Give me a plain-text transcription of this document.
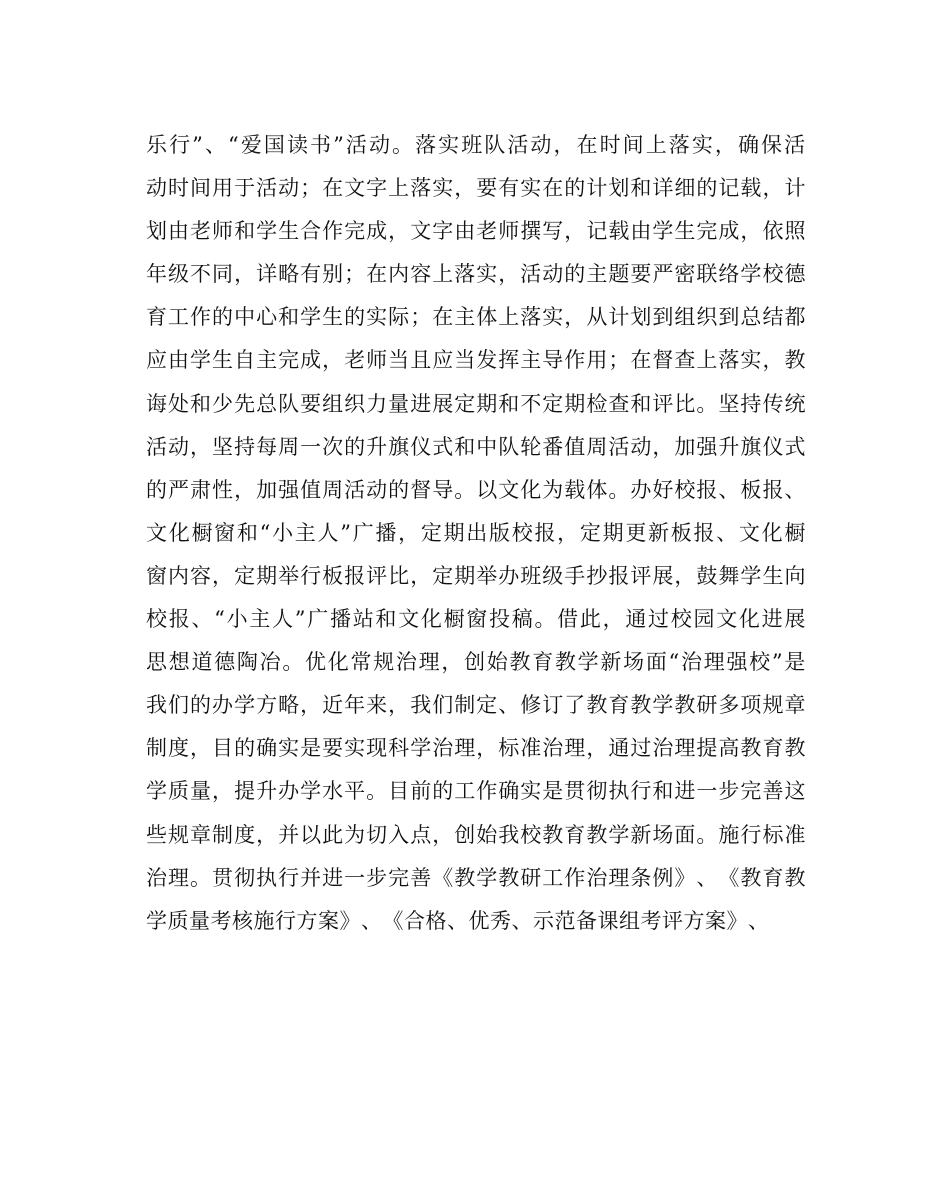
乐 行 ” 、 “ 爱 国 读 书 ” 活 动 。 落 实 班 队 活 动 ， 在 时 间 上 落 实 ， 确 保 活
动 时 间 用 于 活 动 ； 在 文 字 上 落 实 ， 要 有 实 在 的 计 划 和 详 细 的 记 载 ， 计
划 由 老 师 和 学 生 合 作 完 成 ， 文 字 由 老 师 撰 写 ， 记 载 由 学 生 完 成 ， 依 照
年 级 不 同 ， 详 略 有 别 ； 在 内 容 上 落 实 ， 活 动 的 主 题 要 严 密 联 络 学 校 德
育 工 作 的 中 心 和 学 生 的 实 际 ； 在 主 体 上 落 实 ， 从 计 划 到 组 织 到 总 结 都
应 由 学 生 自 主 完 成 ， 老 师 当 且 应 当 发 挥 主 导 作 用 ； 在 督 查 上 落 实 ， 教
诲 处 和 少 先 总 队 要 组 织 力 量 进 展 定 期 和 不 定 期 检 查 和 评 比 。 坚 持 传 统
活 动 ， 坚 持 每 周 一 次 的 升 旗 仪 式 和 中 队 轮 番 值 周 活 动 ， 加 强 升 旗 仪 式
的 严 肃 性 ， 加 强 值 周 活 动 的 督 导 。 以 文 化 为 载 体 。 办 好 校 报 、 板 报 、
文 化 橱 窗 和 “ 小 主 人 ” 广 播 ， 定 期 出 版 校 报 ， 定 期 更 新 板 报 、 文 化 橱
窗 内 容 ， 定 期 举 行 板 报 评 比 ， 定 期 举 办 班 级 手 抄 报 评 展 ， 鼓 舞 学 生 向
校 报 、 “ 小 主 人 ” 广 播 站 和 文 化 橱 窗 投 稿 。 借 此 ， 通 过 校 园 文 化 进 展
思 想 道 德 陶 冶 。 优 化 常 规 治 理 ， 创 始 教 育 教 学 新 场 面 “ 治 理 强 校 ” 是
我 们 的 办 学 方 略 ， 近 年 来 ， 我 们 制 定 、 修 订 了 教 育 教 学 教 研 多 项 规 章
制 度 ， 目 的 确 实 是 要 实 现 科 学 治 理 ， 标 准 治 理 ， 通 过 治 理 提 高 教 育 教
学 质 量 ， 提 升 办 学 水 平 。 目 前 的 工 作 确 实 是 贯 彻 执 行 和 进 一 步 完 善 这
些 规 章 制 度 ， 并 以 此 为 切 入 点 ， 创 始 我 校 教 育 教 学 新 场 面 。 施 行 标 准
治 理 。 贯 彻 执 行 并 进 一 步 完 善 《 教 学 教 研 工 作 治 理 条 例 》 、 《 教 育 教
学 质 量 考 核 施 行 方 案 》 、 《 合 格 、 优 秀 、 示 范 备 课 组 考 评 方 案 》 、
